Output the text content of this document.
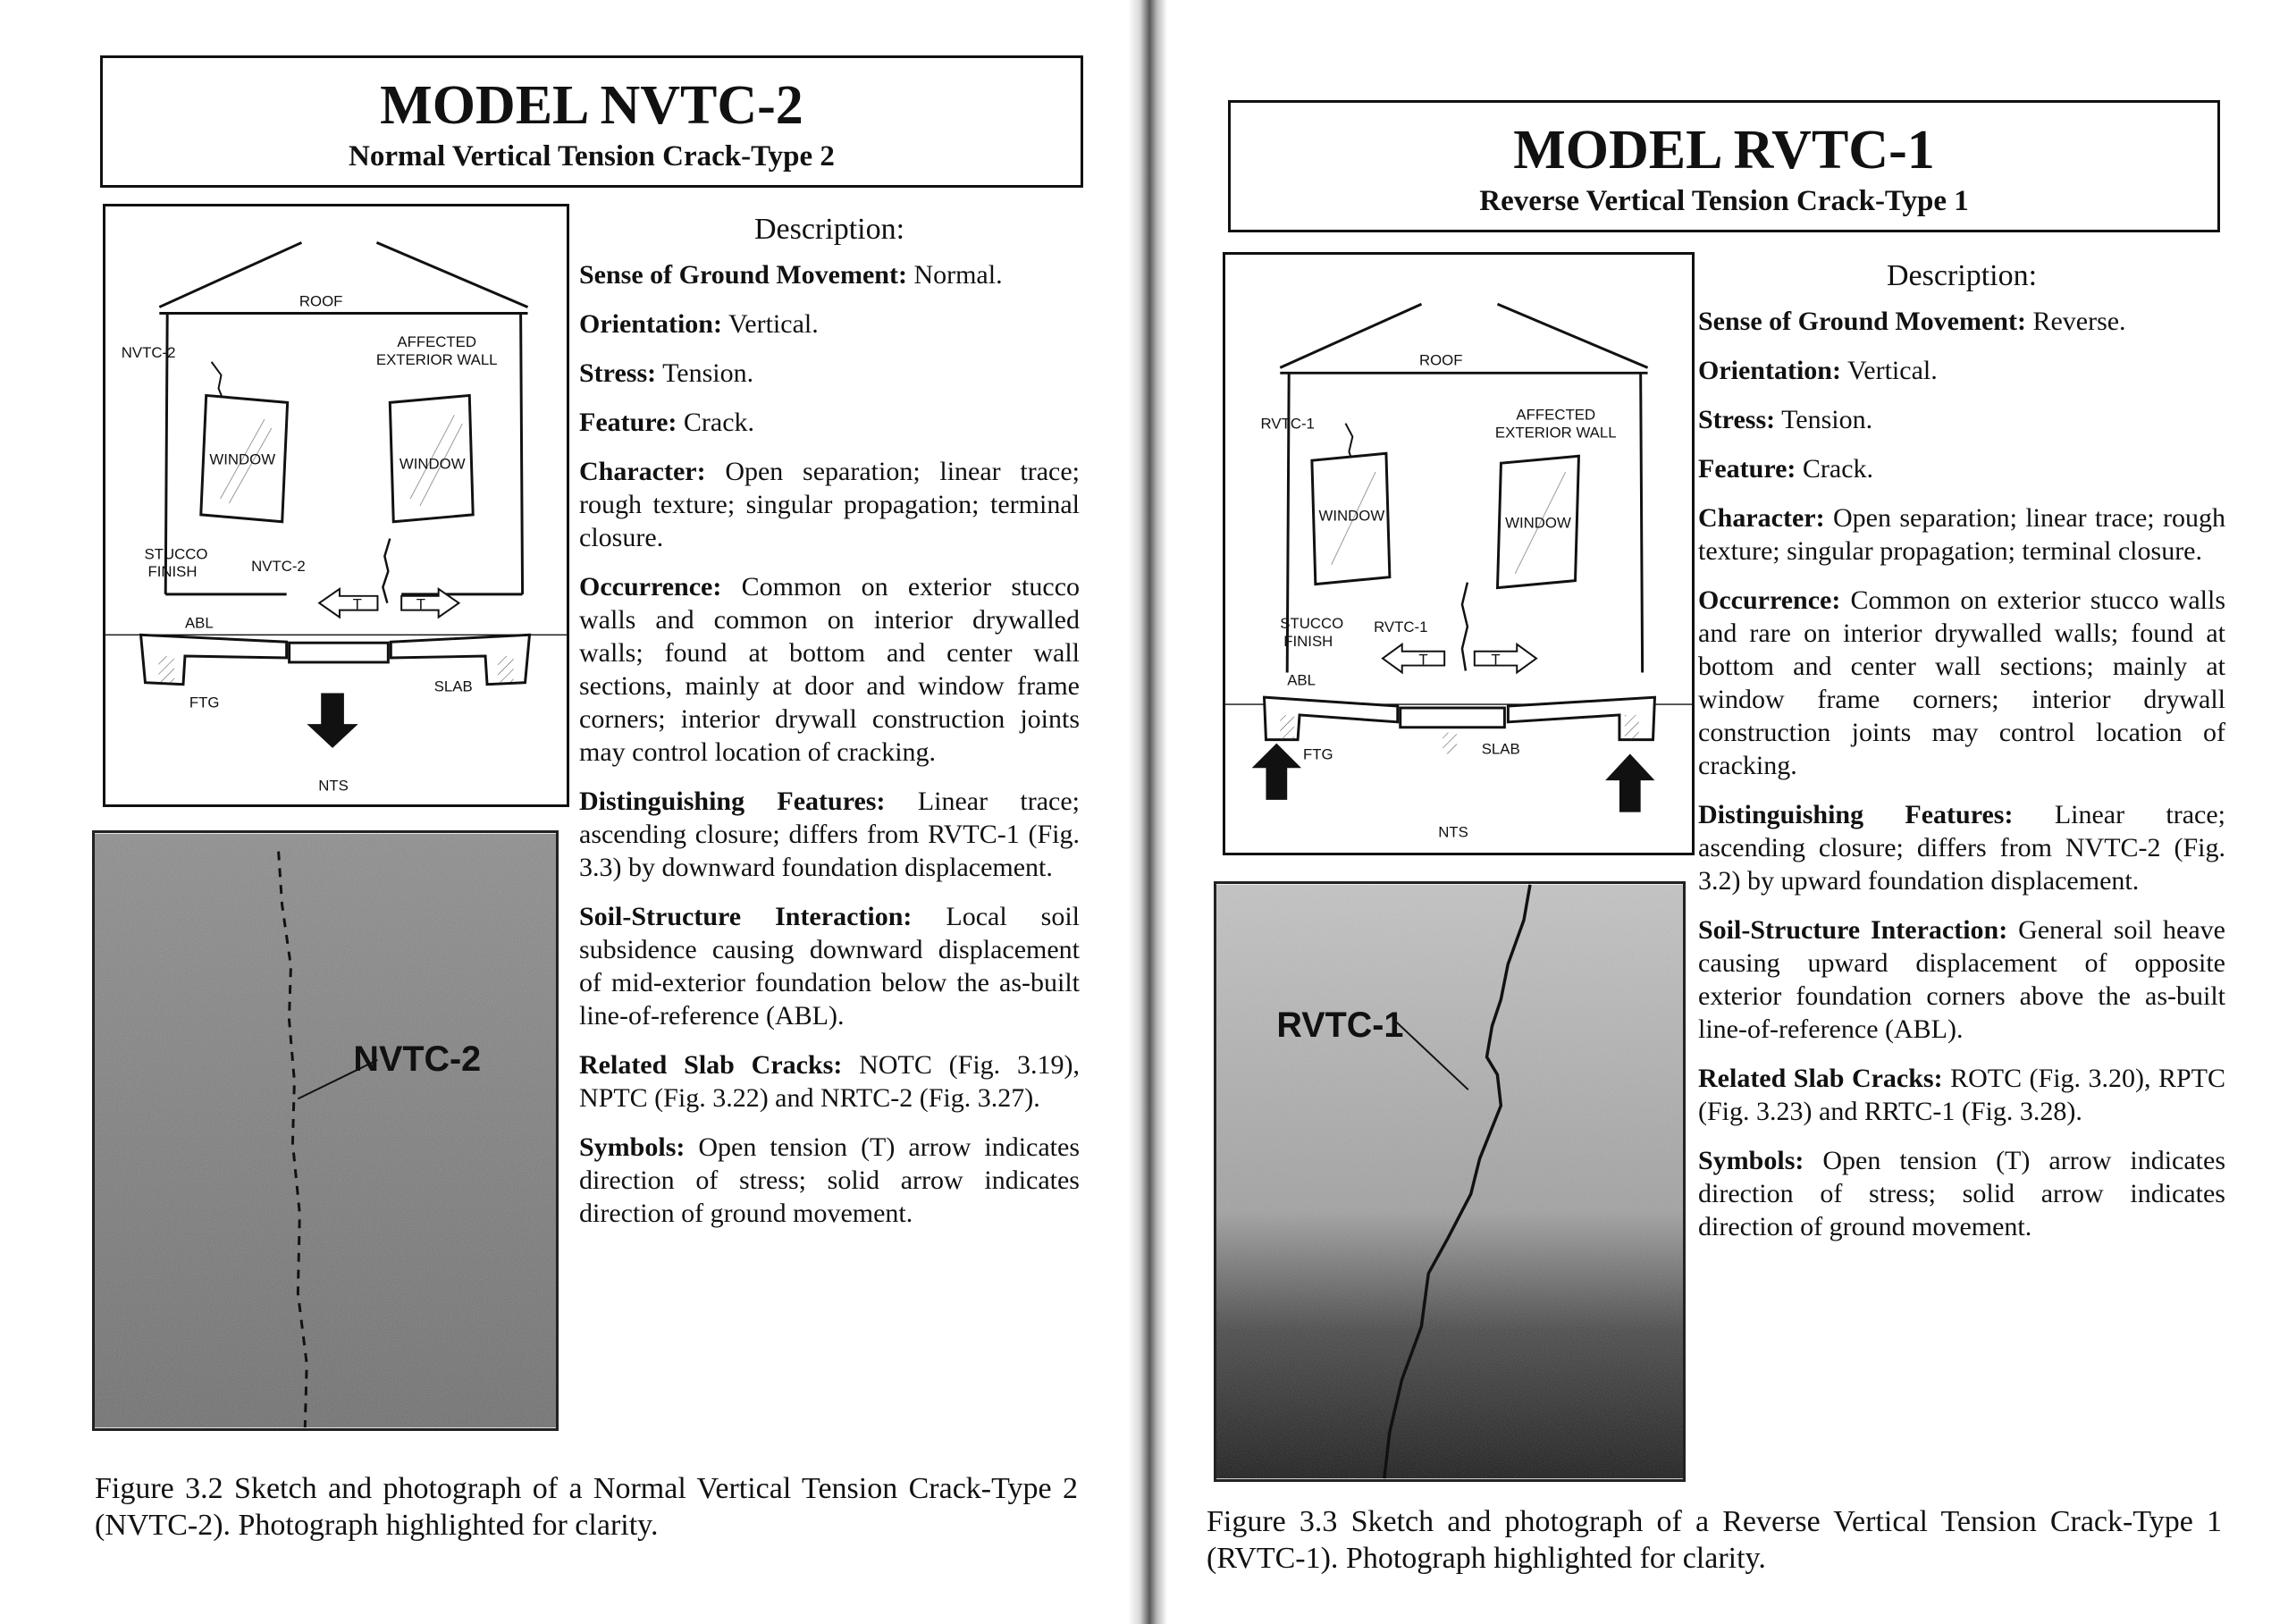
MODEL NVTC-2
Normal Vertical Tension Crack-Type 2
ROOF
NVTC-2
AFFECTED
EXTERIOR WALL
WINDOW	WINDOW
STUCCO
FINISH	NVTC-2
T	T
ABL
FTG
SLAB
NTS
NVTC-2
Description:

Sense of Ground Movement: Normal.

Orientation: Vertical.

Stress: Tension.

Feature: Crack.

Character: Open separation; linear trace; rough texture; singular propagation; terminal closure.

Occurrence: Common on exterior stucco walls and common on interior drywalled walls; found at bottom and center wall sections, mainly at door and window frame corners; interior drywall construction joints may control location of cracking.

Distinguishing Features: Linear trace; ascending closure; differs from RVTC-1 (Fig. 3.3) by downward foundation displacement.

Soil-Structure Interaction: Local soil subsidence causing downward displacement of mid-exterior foundation below the as-built line-of-reference (ABL).

Related Slab Cracks: NOTC (Fig. 3.19), NPTC (Fig. 3.22) and NRTC-2 (Fig. 3.27).

Symbols: Open tension (T) arrow indicates direction of stress; solid arrow indicates direction of ground movement.

Figure 3.2 Sketch and photograph of a Normal Vertical Tension Crack-Type 2 (NVTC-2). Photograph highlighted for clarity.
MODEL RVTC-1
Reverse Vertical Tension Crack-Type 1
ROOF
RVTC-1
AFFECTED
EXTERIOR WALL
WINDOW	WINDOW
STUCCO
FINISH
RVTC-1
T	T
ABL
FTG	SLAB
NTS
RVTC-1
Description:

Sense of Ground Movement: Reverse.

Orientation: Vertical.

Stress: Tension.

Feature: Crack.

Character: Open separation; linear trace; rough texture; singular propagation; terminal closure.

Occurrence: Common on exterior stucco walls and rare on interior drywalled walls; found at bottom and center wall sections; mainly at window frame corners; interior drywall construction joints may control location of cracking.

Distinguishing Features: Linear trace; ascending closure; differs from NVTC-2 (Fig. 3.2) by upward foundation displacement.

Soil-Structure Interaction: General soil heave causing upward displacement of opposite exterior foundation corners above the as-built line-of-reference (ABL).

Related Slab Cracks: ROTC (Fig. 3.20), RPTC (Fig. 3.23) and RRTC-1 (Fig. 3.28).

Symbols: Open tension (T) arrow indicates direction of stress; solid arrow indicates direction of ground movement.

Figure 3.3 Sketch and photograph of a Reverse Vertical Tension Crack-Type 1 (RVTC-1). Photograph highlighted for clarity.
